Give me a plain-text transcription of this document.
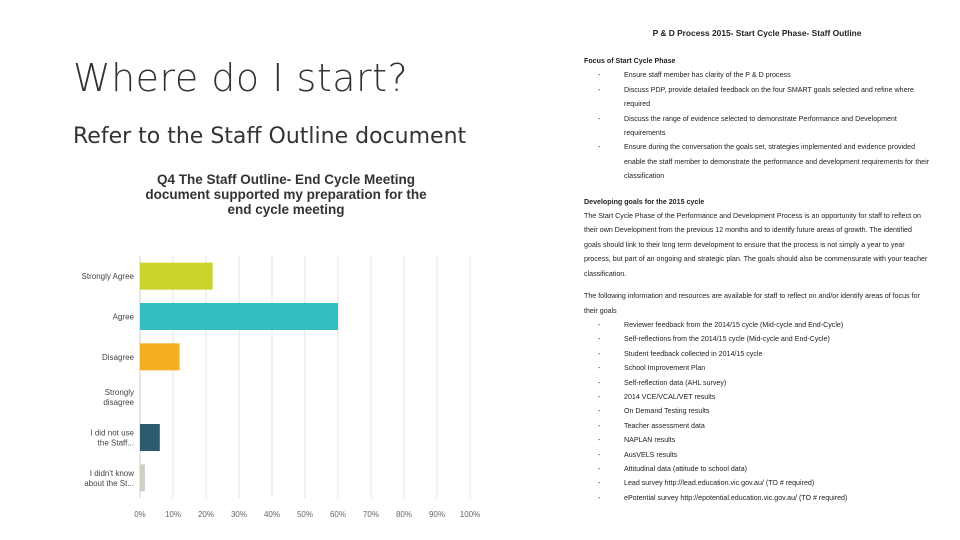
Where do I start?
Refer to the Staff Outline document
0% 10% 20% 30% 40% 50% 60% 70% 80% 90% 100%
Strongly Agree
Agree
Disagree
Strongly
disagree
I did not use
the Staff...
I didn't know
about the St...
Q4 The Staff Outline- End Cycle Meeting
document supported my preparation for the
end cycle meeting
P & D Process 2015- Start Cycle Phase- Staff Outline
Focus of Start Cycle Phase
- Ensure staff member has clarity of the P & D process
- Discuss PDP, provide detailed feedback on the four SMART goals selected and refine where required
- Discuss the range of evidence selected to demonstrate Performance and Development requirements
- Ensure during the conversation the goals set, strategies implemented and evidence provided enable the staff member to demonstrate the performance and development requirements for their classification
Developing goals for the 2015 cycle

The Start Cycle Phase of the Performance and Development Process is an opportunity for staff to reflect on their own Development from the previous 12 months and to identify future areas of growth. The identified goals should link to their long term development to ensure that the process is not simply a year to year process, but part of an ongoing and strategic plan. The goals should also be commensurate with your teacher classification.

The following information and resources are available for staff to reflect on and/or identify areas of focus for their goals

- Reviewer feedback from the 2014/15 cycle (Mid-cycle and End-Cycle)
- Self-reflections from the 2014/15 cycle (Mid-cycle and End-Cycle)
- Student feedback collected in 2014/15 cycle
- School Improvement Plan
- Self-reflection data (AHL survey)
- 2014 VCE/VCAL/VET results
- On Demand Testing results
- Teacher assessment data
- NAPLAN results
- AusVELS results
- Attitudinal data (attitude to school data)
- Lead survey http://lead.education.vic.gov.au/ (TO # required)
- ePotential survey http://epotential.education.vic.gov.au/ (TO # required)
